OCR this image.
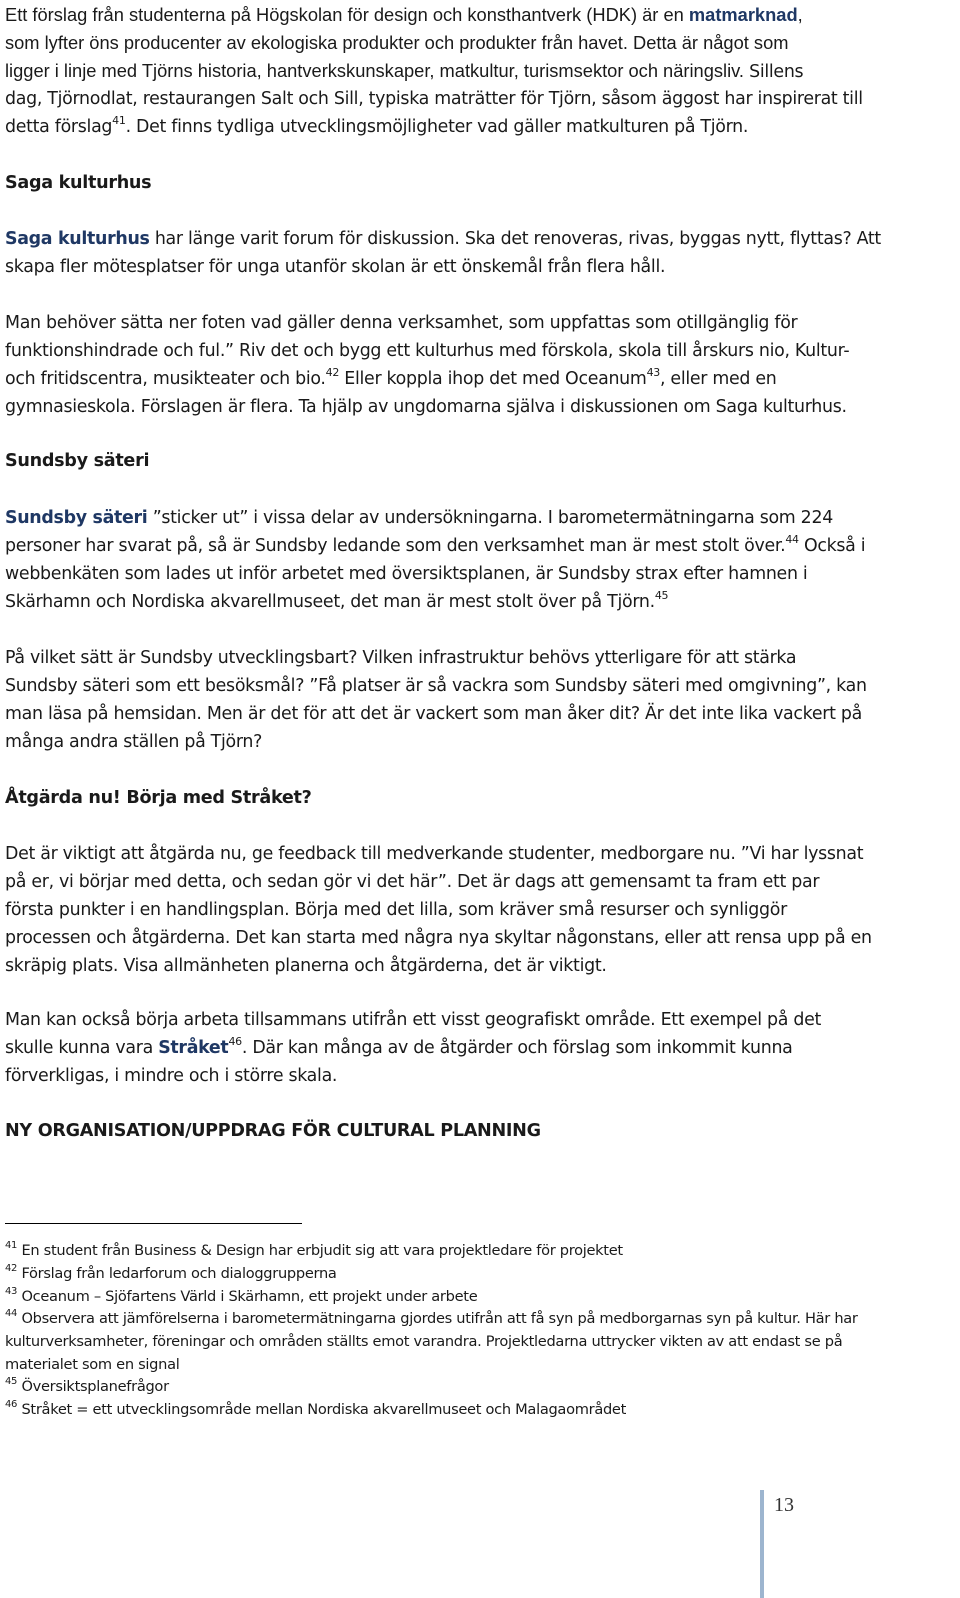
Ett förslag från studenterna på Högskolan för design och konsthantverk (HDK) är en matmarknad,
som lyfter öns producenter av ekologiska produkter och produkter från havet. Detta är något som
ligger i linje med Tjörns historia, hantverkskunskaper, matkultur, turismsektor och näringsliv. Sillens
dag, Tjörnodlat, restaurangen Salt och Sill, typiska maträtter för Tjörn, såsom äggost har inspirerat till
detta förslag$^{41}$. Det finns tydliga utvecklingsmöjligheter vad gäller matkulturen på Tjörn.
Saga kulturhus
Saga kulturhus har länge varit forum för diskussion. Ska det renoveras, rivas, byggas nytt, flyttas? Att
skapa fler mötesplatser för unga utanför skolan är ett önskemål från flera håll.
Man behöver sätta ner foten vad gäller denna verksamhet, som uppfattas som otillgänglig för
funktionshindrade och ful.” Riv det och bygg ett kulturhus med förskola, skola till årskurs nio, Kultur-
och fritidscentra, musikteater och bio.$^{42}$ Eller koppla ihop det med Oceanum$^{43}$, eller med en
gymnasieskola. Förslagen är flera. Ta hjälp av ungdomarna själva i diskussionen om Saga kulturhus.
Sundsby säteri
Sundsby säteri ”sticker ut” i vissa delar av undersökningarna. I barometermätningarna som 224
personer har svarat på, så är Sundsby ledande som den verksamhet man är mest stolt över.$^{44}$ Också i
webbenkäten som lades ut inför arbetet med översiktsplanen, är Sundsby strax efter hamnen i
Skärhamn och Nordiska akvarellmuseet, det man är mest stolt över på Tjörn.$^{45}$
På vilket sätt är Sundsby utvecklingsbart? Vilken infrastruktur behövs ytterligare för att stärka
Sundsby säteri som ett besöksmål? ”Få platser är så vackra som Sundsby säteri med omgivning”, kan
man läsa på hemsidan. Men är det för att det är vackert som man åker dit? Är det inte lika vackert på
många andra ställen på Tjörn?
Åtgärda nu! Börja med Stråket?
Det är viktigt att åtgärda nu, ge feedback till medverkande studenter, medborgare nu. ”Vi har lyssnat
på er, vi börjar med detta, och sedan gör vi det här”. Det är dags att gemensamt ta fram ett par
första punkter i en handlingsplan. Börja med det lilla, som kräver små resurser och synliggör
processen och åtgärderna. Det kan starta med några nya skyltar någonstans, eller att rensa upp på en
skräpig plats. Visa allmänheten planerna och åtgärderna, det är viktigt.
Man kan också börja arbeta tillsammans utifrån ett visst geografiskt område. Ett exempel på det
skulle kunna vara Stråket$^{46}$. Där kan många av de åtgärder och förslag som inkommit kunna
förverkligas, i mindre och i större skala.
NY ORGANISATION/UPPDRAG FÖR CULTURAL PLANNING
$^{41}$ En student från Business & Design har erbjudit sig att vara projektledare för projektet
$^{42}$ Förslag från ledarforum och dialoggrupperna
$^{43}$ Oceanum – Sjöfartens Värld i Skärhamn, ett projekt under arbete
$^{44}$ Observera att jämförelserna i barometermätningarna gjordes utifrån att få syn på medborgarnas syn på kultur. Här har
kulturverksamheter, föreningar och områden ställts emot varandra. Projektledarna uttrycker vikten av att endast se på
materialet som en signal
$^{45}$ Översiktsplanefrågor
$^{46}$ Stråket = ett utvecklingsområde mellan Nordiska akvarellmuseet och Malagaområdet
13
